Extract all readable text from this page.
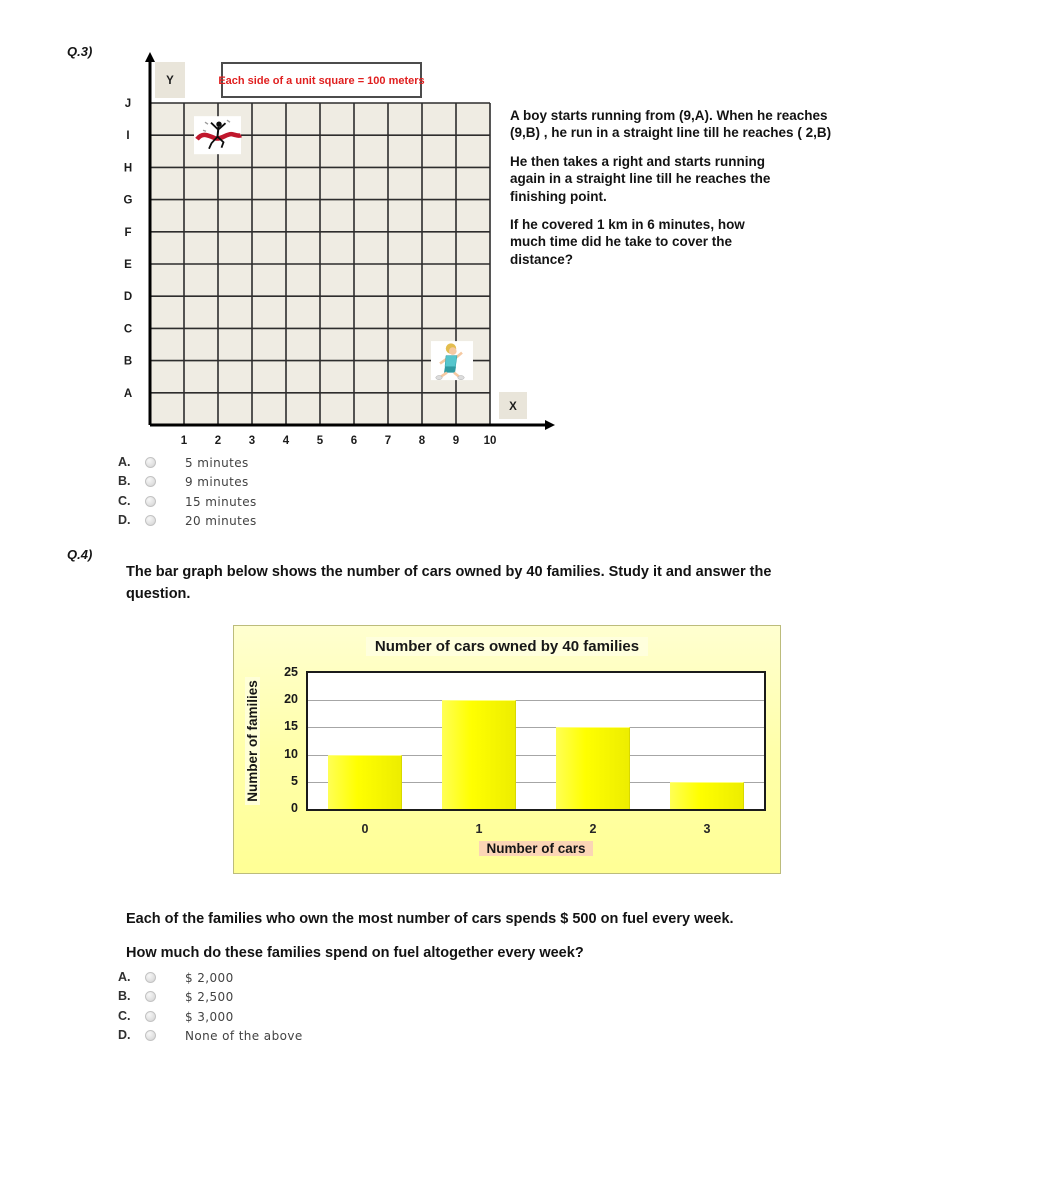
Q.3)
J
I
H
G
F
E
D
C
B
A
1 2 3 4 5 6 7 8 9 10
Y
X
Each side of a unit square = 100 meters

A boy starts running from (9,A). When he reaches
(9,B) , he run in a straight line till he reaches ( 2,B)

He then takes a right and starts running
again in a straight line till he reaches the
finishing point.

If he covered 1 km in 6 minutes, how
much time did he take to cover the
distance?

A.	5 minutes
B.	9 minutes
C.	15 minutes
D.	20 minutes
Q.4)
The bar graph below shows the number of cars owned by 40 families. Study it and answer the
question.
Number of cars owned by 40 families
Number of families
Number of cars
0
5
10
15
20
25
0	1	2	3
Each of the families who own the most number of cars spends $ 500 on fuel every week.
How much do these families spend on fuel altogether every week?
A.	$ 2,000
B.	$ 2,500
C.	$ 3,000
D.	None of the above
